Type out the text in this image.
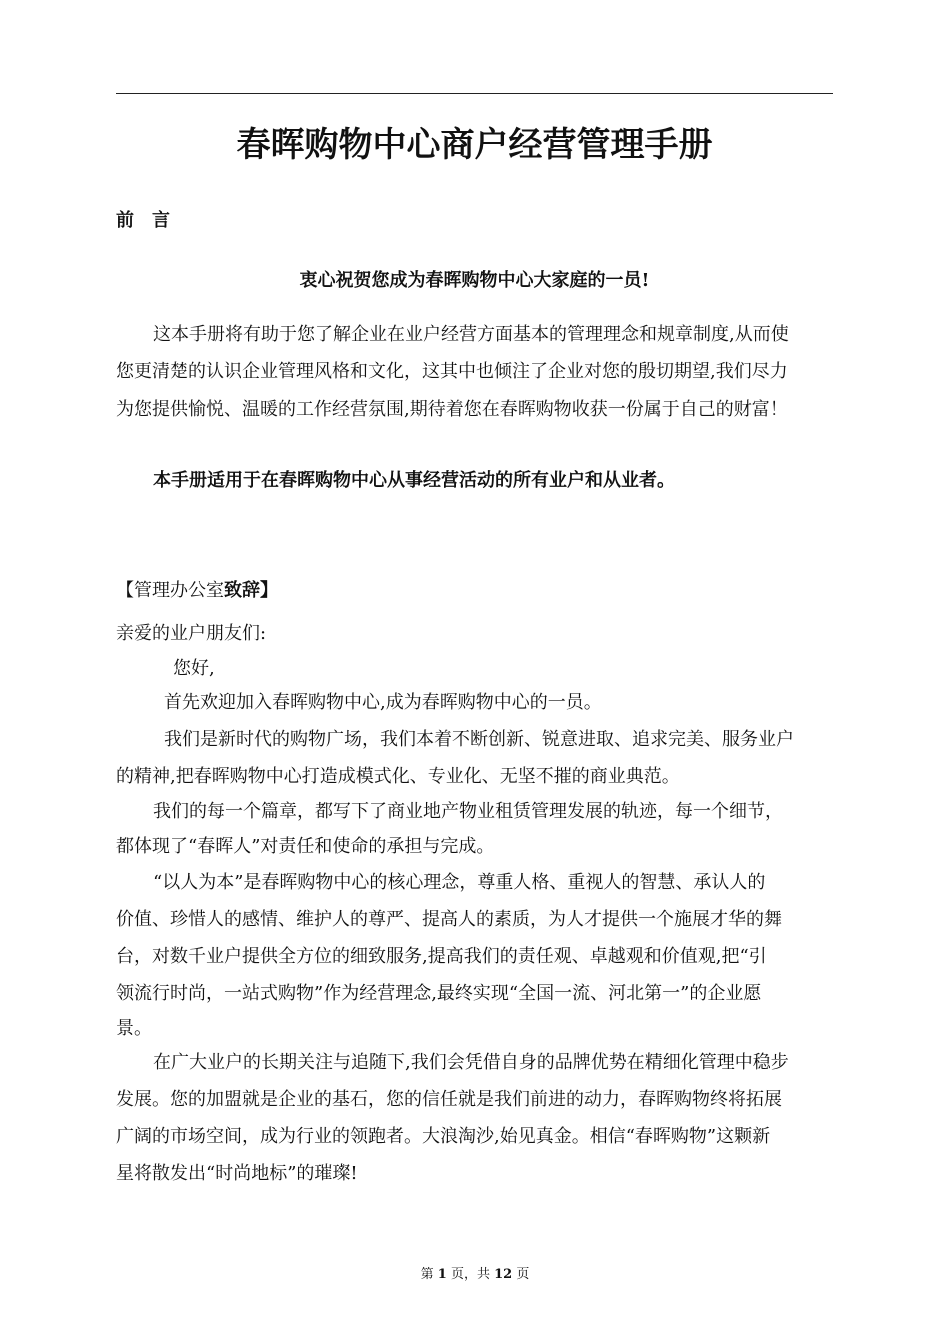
春晖购物中心商户经营管理手册
前　言
衷心祝贺您成为春晖购物中心大家庭的一员!
这本手册将有助于您了解企业在业户经营方面基本的管理理念和规章制度,从而使
您更清楚的认识企业管理风格和文化，这其中也倾注了企业对您的殷切期望,我们尽力
为您提供愉悦、温暖的工作经营氛围,期待着您在春晖购物收获一份属于自己的财富！
本手册适用于在春晖购物中心从事经营活动的所有业户和从业者。
【管理办公室致辞】
亲爱的业户朋友们:
您好,
首先欢迎加入春晖购物中心,成为春晖购物中心的一员。
我们是新时代的购物广场，我们本着不断创新、锐意进取、追求完美、服务业户
的精神,把春晖购物中心打造成模式化、专业化、无坚不摧的商业典范。
我们的每一个篇章，都写下了商业地产物业租赁管理发展的轨迹，每一个细节，
都体现了“春晖人”对责任和使命的承担与完成。
“以人为本”是春晖购物中心的核心理念，尊重人格、重视人的智慧、承认人的
价值、珍惜人的感情、维护人的尊严、提高人的素质，为人才提供一个施展才华的舞
台，对数千业户提供全方位的细致服务,提高我们的责任观、卓越观和价值观,把“引
领流行时尚，一站式购物”作为经营理念,最终实现“全国一流、河北第一”的企业愿
景。
在广大业户的长期关注与追随下,我们会凭借自身的品牌优势在精细化管理中稳步
发展。您的加盟就是企业的基石，您的信任就是我们前进的动力，春晖购物终将拓展
广阔的市场空间，成为行业的领跑者。大浪淘沙,始见真金。相信“春晖购物”这颗新
星将散发出“时尚地标”的璀璨!
第 1 页，共 12 页
